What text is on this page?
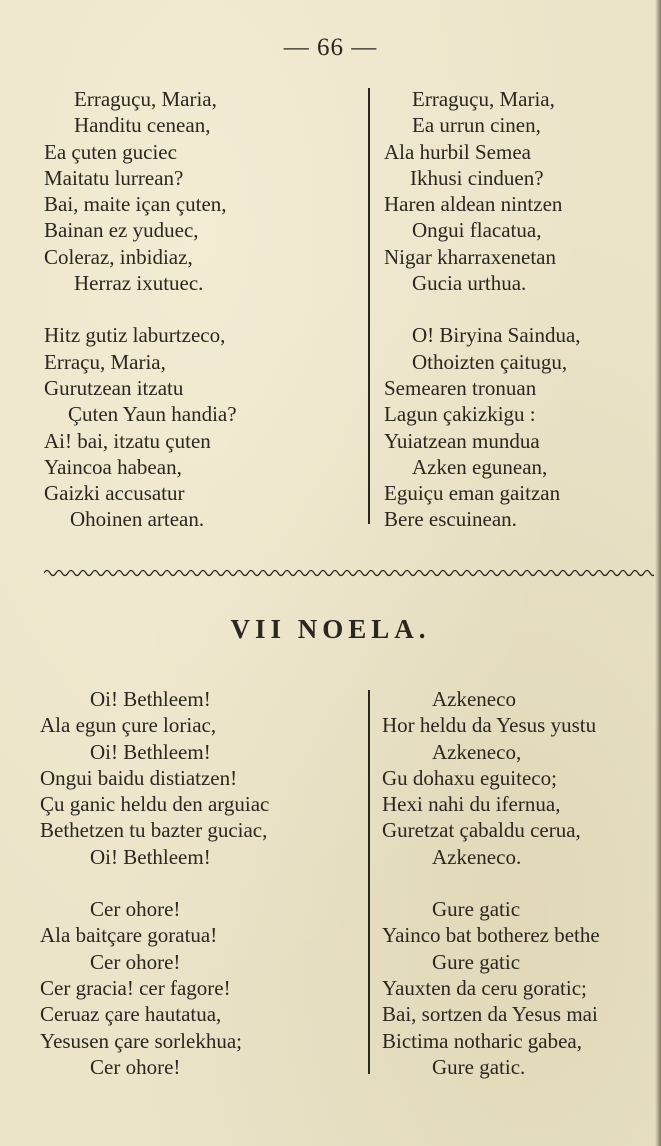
— 66 —
Erraguçu, Maria,
Handitu cenean,
Ea çuten guciec
Maitatu lurrean?
Bai, maite içan çuten,
Bainan ez yuduec,
Coleraz, inbidiaz,
Herraz ixutuec.
Hitz gutiz laburtzeco,
Erraçu, Maria,
Gurutzean itzatu
Çuten Yaun handia?
Ai! bai, itzatu çuten
Yaincoa habean,
Gaizki accusatur
Ohoinen artean.
Erraguçu, Maria,
Ea urrun cinen,
Ala hurbil Semea
Ikhusi cinduen?
Haren aldean nintzen
Ongui flacatua,
Nigar kharraxenetan
Gucia urthua.
O! Biryina Saindua,
Othoizten çaitugu,
Semearen tronuan
Lagun çakizkigu :
Yuiatzean mundua
Azken egunean,
Eguiçu eman gaitzan
Bere escuinean.
VII NOELA.
Oi! Bethleem!
Ala egun çure loriac,
Oi! Bethleem!
Ongui baidu distiatzen!
Çu ganic heldu den arguiac
Bethetzen tu bazter guciac,
Oi! Bethleem!
Cer ohore!
Ala baitçare goratua!
Cer ohore!
Cer gracia! cer fagore!
Ceruaz çare hautatua,
Yesusen çare sorlekhua;
Cer ohore!
Azkeneco
Hor heldu da Yesus yustu
Azkeneco,
Gu dohaxu eguiteco;
Hexi nahi du ifernua,
Guretzat çabaldu cerua,
Azkeneco.
Gure gatic
Yainco bat botherez bethe
Gure gatic
Yauxten da ceru goratic;
Bai, sortzen da Yesus mai
Bictima notharic gabea,
Gure gatic.
